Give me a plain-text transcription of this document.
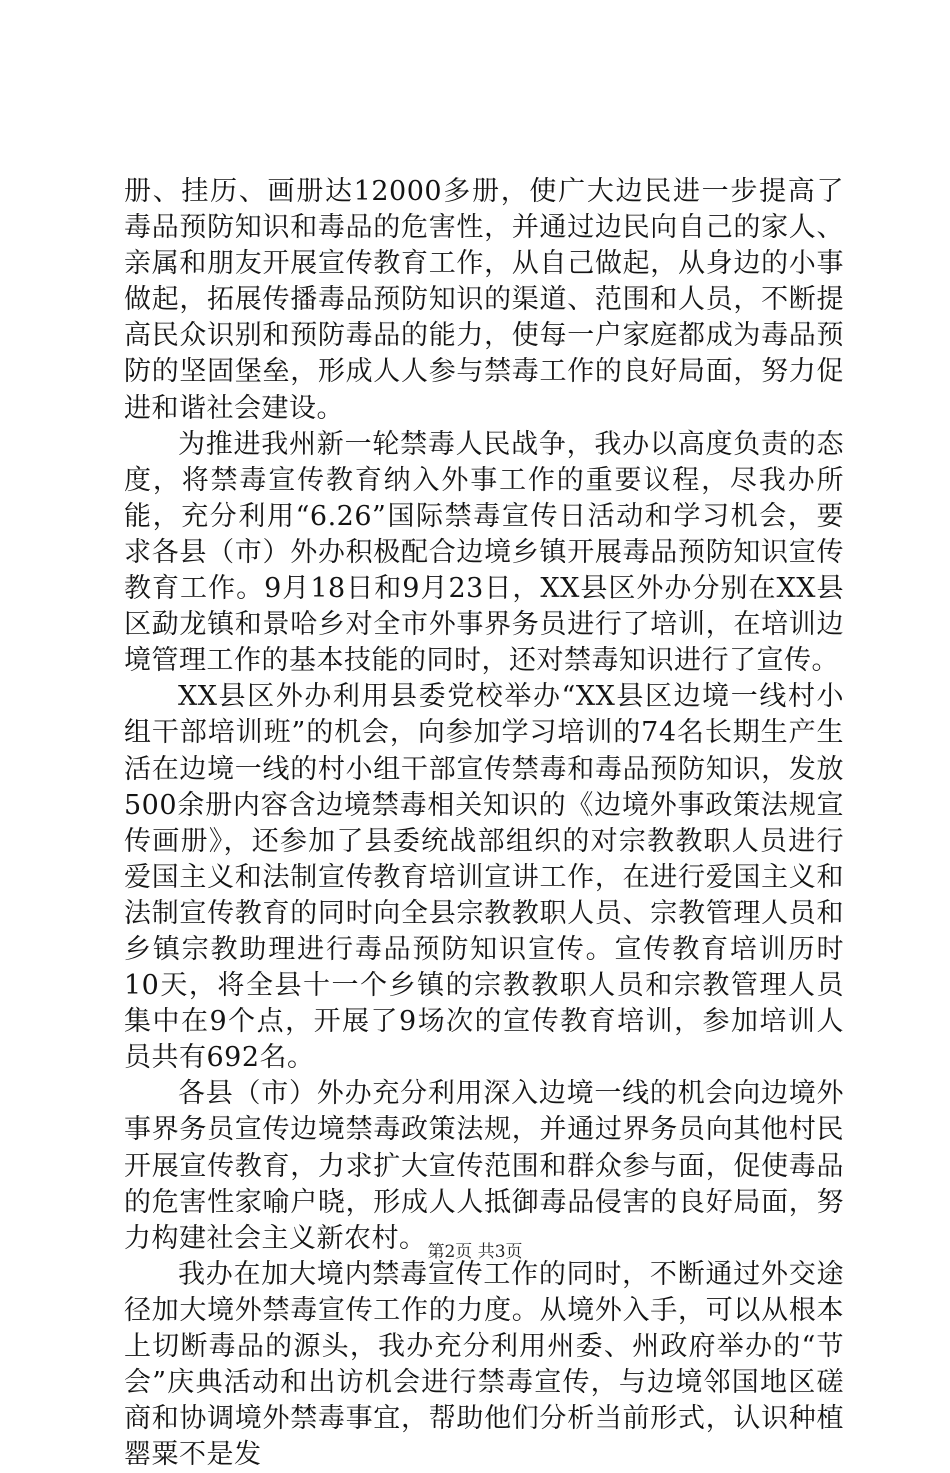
册、挂历、画册达12000多册，使广大边民进一步提高了毒品预防知识和毒品的危害性，并通过边民向自己的家人、亲属和朋友开展宣传教育工作，从自己做起，从身边的小事做起，拓展传播毒品预防知识的渠道、范围和人员，不断提高民众识别和预防毒品的能力，使每一户家庭都成为毒品预防的坚固堡垒，形成人人参与禁毒工作的良好局面，努力促进和谐社会建设。

为推进我州新一轮禁毒人民战争，我办以高度负责的态度，将禁毒宣传教育纳入外事工作的重要议程，尽我办所能，充分利用“6.26”国际禁毒宣传日活动和学习机会，要求各县（市）外办积极配合边境乡镇开展毒品预防知识宣传教育工作。9月18日和9月23日，XX县区外办分别在XX县区勐龙镇和景哈乡对全市外事界务员进行了培训，在培训边境管理工作的基本技能的同时，还对禁毒知识进行了宣传。

XX县区外办利用县委党校举办“XX县区边境一线村小组干部培训班”的机会，向参加学习培训的74名长期生产生活在边境一线的村小组干部宣传禁毒和毒品预防知识，发放500余册内容含边境禁毒相关知识的《边境外事政策法规宣传画册》，还参加了县委统战部组织的对宗教教职人员进行爱国主义和法制宣传教育培训宣讲工作，在进行爱国主义和法制宣传教育的同时向全县宗教教职人员、宗教管理人员和乡镇宗教助理进行毒品预防知识宣传。宣传教育培训历时10天，将全县十一个乡镇的宗教教职人员和宗教管理人员集中在9个点，开展了9场次的宣传教育培训，参加培训人员共有692名。

各县（市）外办充分利用深入边境一线的机会向边境外事界务员宣传边境禁毒政策法规，并通过界务员向其他村民开展宣传教育，力求扩大宣传范围和群众参与面，促使毒品的危害性家喻户晓，形成人人抵御毒品侵害的良好局面，努力构建社会主义新农村。

我办在加大境内禁毒宣传工作的同时，不断通过外交途径加大境外禁毒宣传工作的力度。从境外入手，可以从根本上切断毒品的源头，我办充分利用州委、州政府举办的“节会”庆典活动和出访机会进行禁毒宣传，与边境邻国地区磋商和协调境外禁毒事宜，帮助他们分析当前形式，认识种植罂粟不是发

第2页 共3页
